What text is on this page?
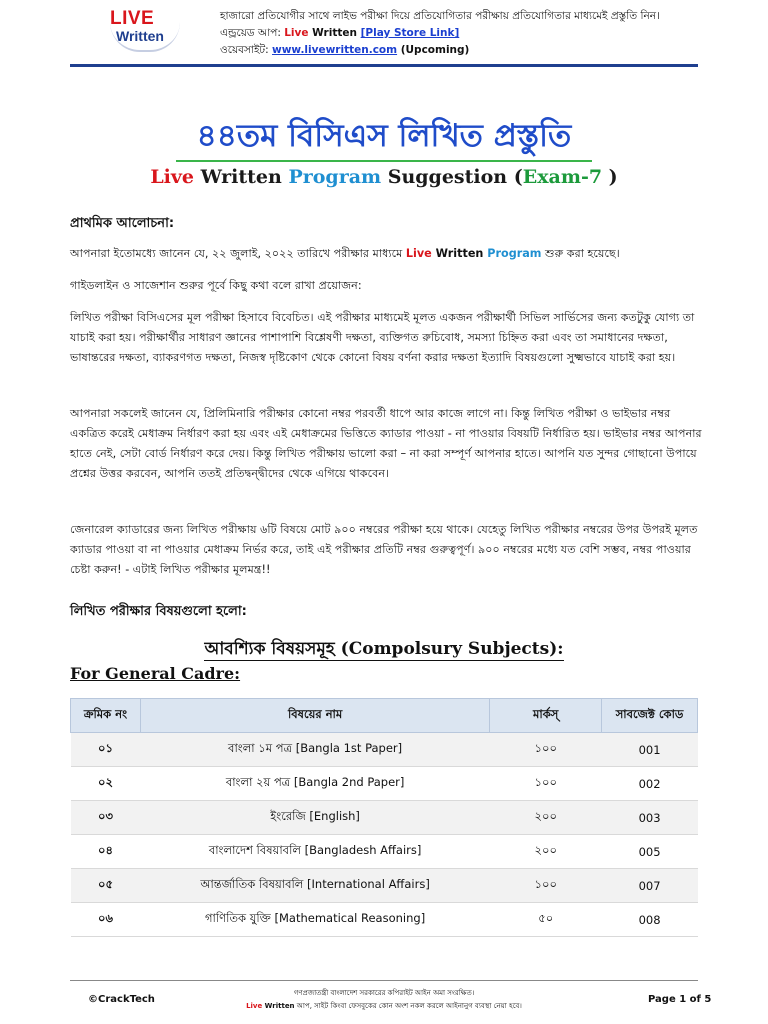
LIVE
Written
হাজারো প্রতিযোগীর সাথে লাইভ পরীক্ষা দিয়ে প্রতিযোগিতার পরীক্ষায় প্রতিযোগিতার মাধ্যমেই প্রস্তুতি নিন।
এন্ড্রয়েড আপ: Live Written [Play Store Link]
ওয়েবসাইট: www.livewritten.com (Upcoming)
৪৪তম বিসিএস লিখিত প্রস্তুতি
Live Written Program Suggestion (Exam-7 )
প্রাথমিক আলোচনা:
আপনারা ইতোমধ্যে জানেন যে, ২২ জুলাই, ২০২২ তারিখে পরীক্ষার মাধ্যমে Live Written Program শুরু করা হয়েছে।
গাইডলাইন ও সাজেশান শুরুর পূর্বে কিছু কথা বলে রাখা প্রয়োজন:
লিখিত পরীক্ষা বিসিএসের মূল পরীক্ষা হিসাবে বিবেচিত। এই পরীক্ষার মাধ্যমেই মূলত একজন পরীক্ষার্থী সিভিল সার্ভিসের জন্য কতটুকু যোগ্য তা যাচাই করা হয়। পরীক্ষার্থীর সাধারণ জ্ঞানের পাশাপাশি বিশ্লেষণী দক্ষতা, ব্যক্তিগত রুচিবোধ, সমস্যা চিহ্নিত করা এবং তা সমাধানের দক্ষতা, ভাষান্তরের দক্ষতা, ব্যাকরণগত দক্ষতা, নিজস্ব দৃষ্টিকোণ থেকে কোনো বিষয় বর্ণনা করার দক্ষতা ইত্যাদি বিষয়গুলো সুক্ষ্মভাবে যাচাই করা হয়।
আপনারা সকলেই জানেন যে, প্রিলিমিনারি পরীক্ষার কোনো নম্বর পরবর্তী ধাপে আর কাজে লাগে না। কিন্তু লিখিত পরীক্ষা ও ভাইভার নম্বর একত্রিত করেই মেধাক্রম নির্ধারণ করা হয় এবং এই মেধাক্রমের ভিত্তিতে ক্যাডার পাওয়া - না পাওয়ার বিষয়টি নির্ধারিত হয়। ভাইভার নম্বর আপনার হাতে নেই, সেটা বোর্ড নির্ধারণ করে দেয়। কিন্তু লিখিত পরীক্ষায় ভালো করা – না করা সম্পূর্ণ আপনার হাতে। আপনি যত সুন্দর গোছানো উপায়ে প্রশ্নের উত্তর করবেন, আপনি ততই প্রতিদ্বন্দ্বীদের থেকে এগিয়ে থাকবেন।
জেনারেল ক্যাডারের জন্য লিখিত পরীক্ষায় ৬টি বিষয়ে মোট ৯০০ নম্বরের পরীক্ষা হয়ে থাকে। যেহেতু লিখিত পরীক্ষার নম্বরের উপর উপরই মূলত ক্যাডার পাওয়া বা না পাওয়ার মেধাক্রম নির্ভর করে, তাই এই পরীক্ষার প্রতিটি নম্বর গুরুত্বপূর্ণ। ৯০০ নম্বরের মধ্যে যত বেশি সম্ভব, নম্বর পাওয়ার চেষ্টা করুন! - এটাই লিখিত পরীক্ষার মূলমন্ত্র!!
লিখিত পরীক্ষার বিষয়গুলো হলো:
আবশ্যিক বিষয়সমূহ (Compolsury Subjects):
For General Cadre:
ক্রমিক নং	বিষয়ের নাম	মার্কস্	সাবজেক্ট কোড
০১	বাংলা ১ম পত্র [Bangla 1st Paper]	১০০	001
০২	বাংলা ২য় পত্র [Bangla 2nd Paper]	১০০	002
০৩	ইংরেজি [English]	২০০	003
০৪	বাংলাদেশ বিষয়াবলি [Bangladesh Affairs]	২০০	005
০৫	আন্তর্জাতিক বিষয়াবলি [International Affairs]	১০০	007
০৬	গাণিতিক যুক্তি [Mathematical Reasoning]	৫০	008
©CrackTech
গণপ্রজাতন্ত্রী বাংলাদেশ সরকারের কপিরাইট আইন অমা সংরক্ষিত।
Live Written আপ, সাইট কিংবা ফেসবুকের কোন অংশ নকল করলে আইনানুগ ব্যবস্থা নেয়া হবে।
Page 1 of 5
